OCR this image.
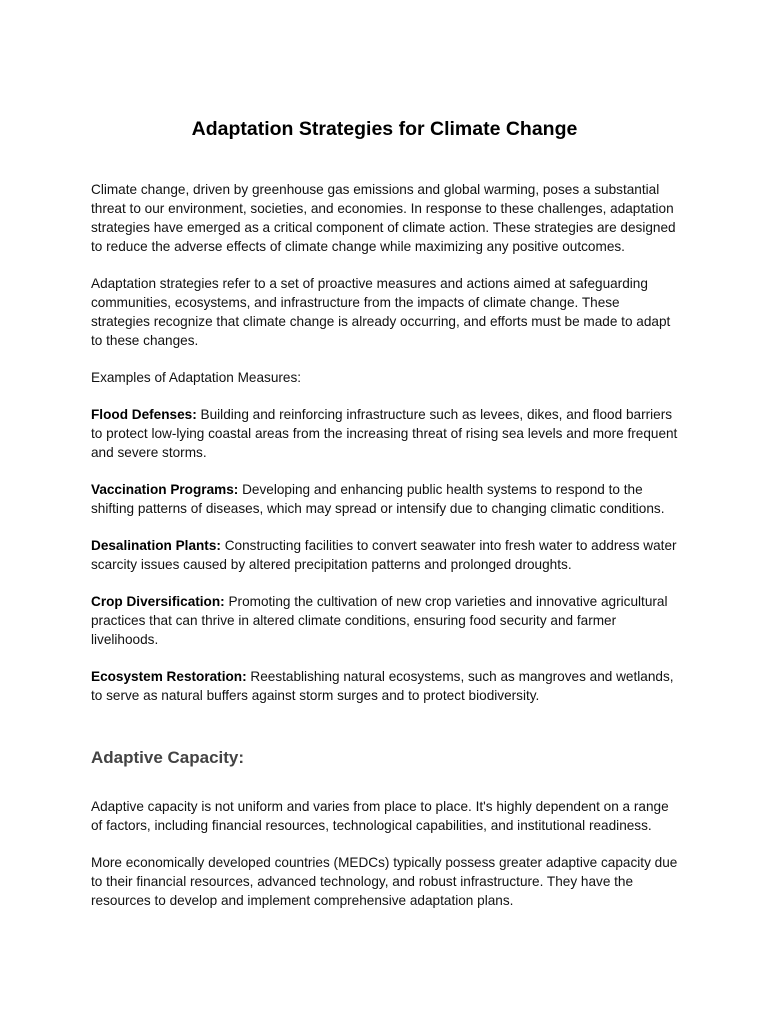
Adaptation Strategies for Climate Change

Climate change, driven by greenhouse gas emissions and global warming, poses a substantial threat to our environment, societies, and economies. In response to these challenges, adaptation strategies have emerged as a critical component of climate action. These strategies are designed to reduce the adverse effects of climate change while maximizing any positive outcomes.

Adaptation strategies refer to a set of proactive measures and actions aimed at safeguarding communities, ecosystems, and infrastructure from the impacts of climate change. These strategies recognize that climate change is already occurring, and efforts must be made to adapt to these changes.

Examples of Adaptation Measures:

Flood Defenses: Building and reinforcing infrastructure such as levees, dikes, and flood barriers to protect low-lying coastal areas from the increasing threat of rising sea levels and more frequent and severe storms.

Vaccination Programs: Developing and enhancing public health systems to respond to the shifting patterns of diseases, which may spread or intensify due to changing climatic conditions.

Desalination Plants: Constructing facilities to convert seawater into fresh water to address water scarcity issues caused by altered precipitation patterns and prolonged droughts.

Crop Diversification: Promoting the cultivation of new crop varieties and innovative agricultural practices that can thrive in altered climate conditions, ensuring food security and farmer livelihoods.

Ecosystem Restoration: Reestablishing natural ecosystems, such as mangroves and wetlands, to serve as natural buffers against storm surges and to protect biodiversity.

Adaptive Capacity:

Adaptive capacity is not uniform and varies from place to place. It's highly dependent on a range of factors, including financial resources, technological capabilities, and institutional readiness.

More economically developed countries (MEDCs) typically possess greater adaptive capacity due to their financial resources, advanced technology, and robust infrastructure. They have the resources to develop and implement comprehensive adaptation plans.
